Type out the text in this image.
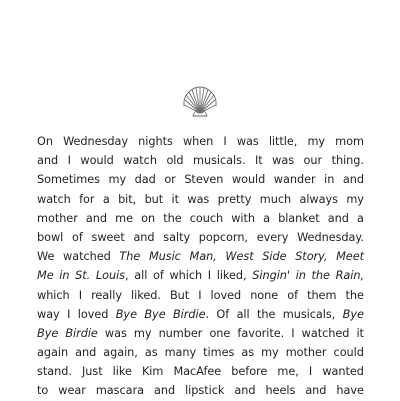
On Wednesday nights when I was little, my mom
and I would watch old musicals. It was our thing.
Sometimes my dad or Steven would wander in and
watch for a bit, but it was pretty much always my
mother and me on the couch with a blanket and a
bowl of sweet and salty popcorn, every Wednesday.
We watched The Music Man, West Side Story, Meet
Me in St. Louis, all of which I liked, Singin' in the Rain,
which I really liked. But I loved none of them the
way I loved Bye Bye Birdie. Of all the musicals, Bye
Bye Birdie was my number one favorite. I watched it
again and again, as many times as my mother could
stand. Just like Kim MacAfee before me, I wanted
to wear mascara and lipstick and heels and have
